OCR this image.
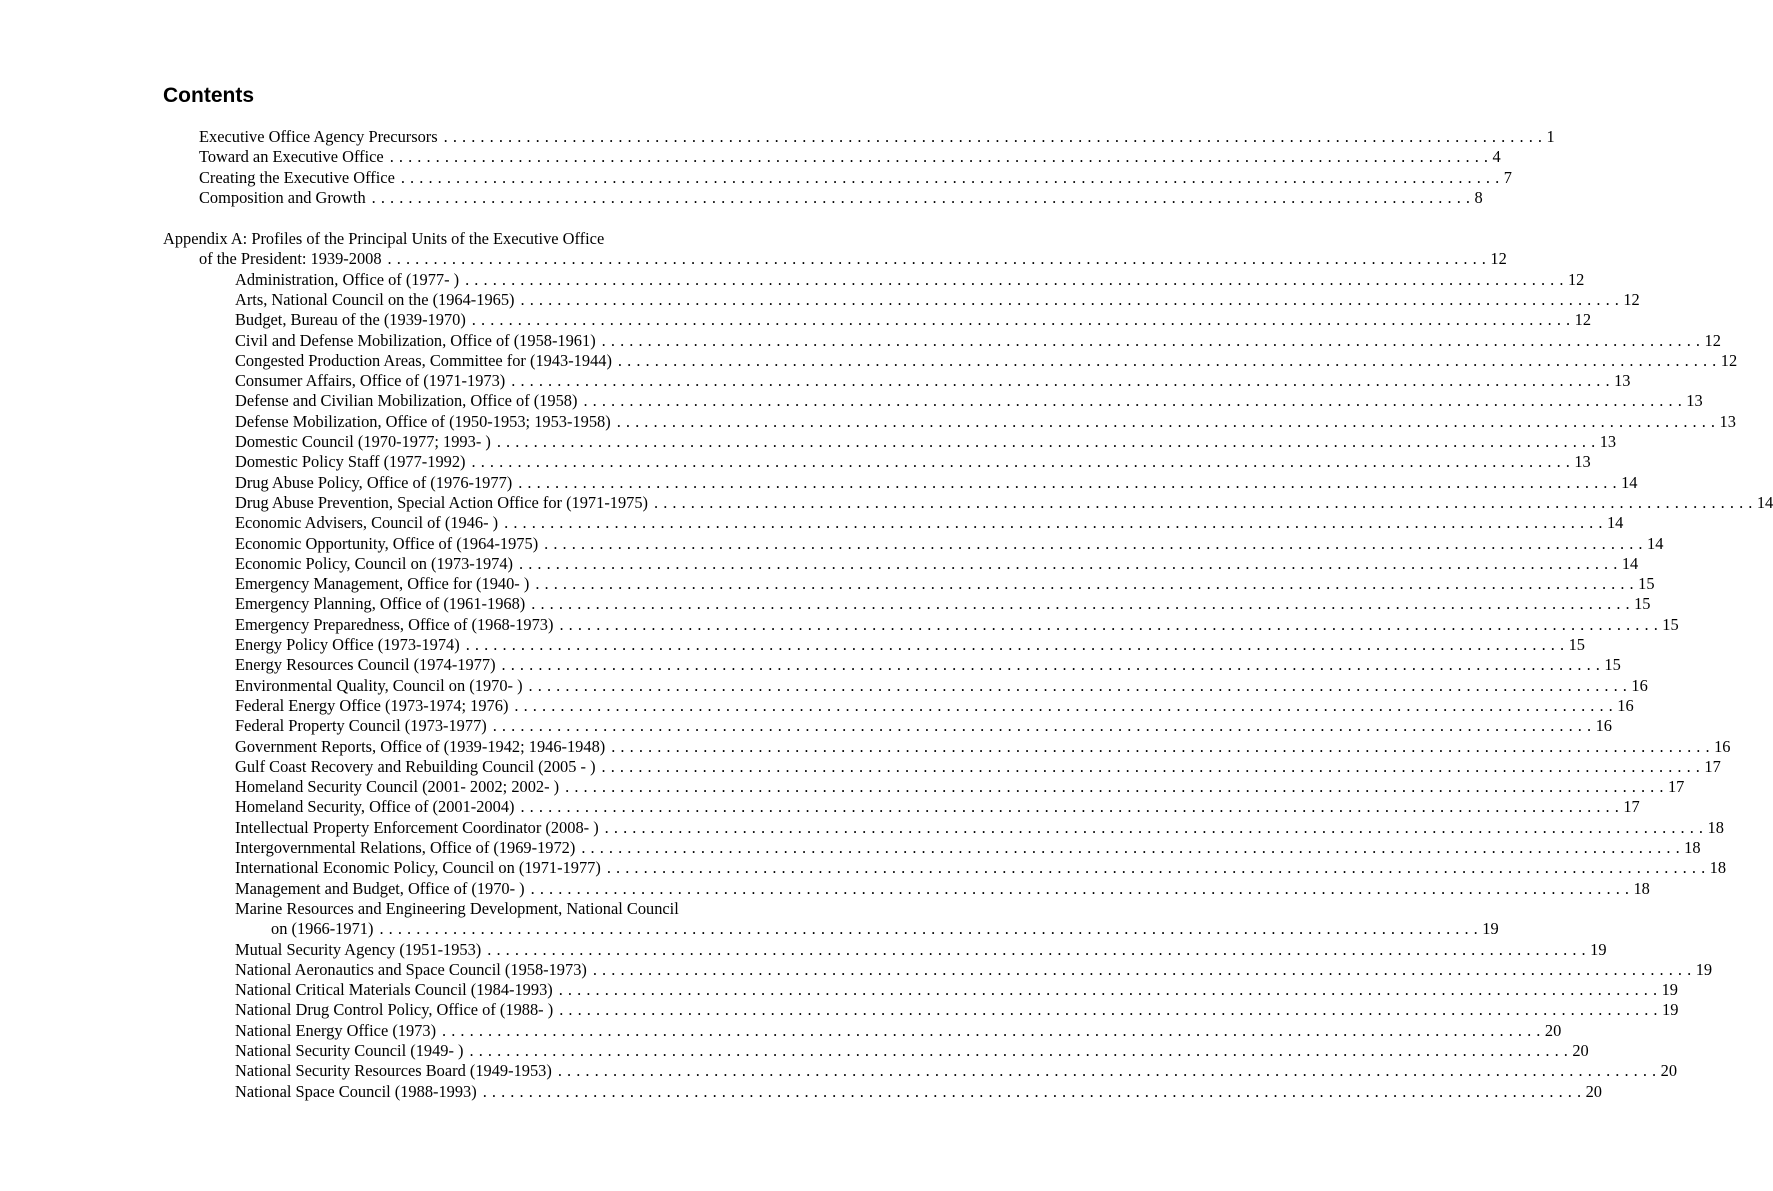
Contents
Executive Office Agency Precursors . . . . . . . . . . . . . . . . . . . . . . . . . . . . . . . . . . . . . . . . . . . . . . . . . . . . . . . . . . . . . . . . . . . . . . . . . . . . . . . . . . . . . . . . . . . . . . . . . . . . . . . . . . . . . . . . . . . . . . . . 1
Toward an Executive Office . . . . . . . . . . . . . . . . . . . . . . . . . . . . . . . . . . . . . . . . . . . . . . . . . . . . . . . . . . . . . . . . . . . . . . . . . . . . . . . . . . . . . . . . . . . . . . . . . . . . . . . . . . . . . . . . . . . . . . . . 4
Creating the Executive Office . . . . . . . . . . . . . . . . . . . . . . . . . . . . . . . . . . . . . . . . . . . . . . . . . . . . . . . . . . . . . . . . . . . . . . . . . . . . . . . . . . . . . . . . . . . . . . . . . . . . . . . . . . . . . . . . . . . . . . . . 7
Composition and Growth . . . . . . . . . . . . . . . . . . . . . . . . . . . . . . . . . . . . . . . . . . . . . . . . . . . . . . . . . . . . . . . . . . . . . . . . . . . . . . . . . . . . . . . . . . . . . . . . . . . . . . . . . . . . . . . . . . . . . . . . 8
Appendix A: Profiles of the Principal Units of the Executive Office
of the President: 1939-2008 . . . . . . . . . . . . . . . . . . . . . . . . . . . . . . . . . . . . . . . . . . . . . . . . . . . . . . . . . . . . . . . . . . . . . . . . . . . . . . . . . . . . . . . . . . . . . . . . . . . . . . . . . . . . . . . . . . . . . . . . 12
Administration, Office of (1977- ) . . . . . . . . . . . . . . . . . . . . . . . . . . . . . . . . . . . . . . . . . . . . . . . . . . . . . . . . . . . . . . . . . . . . . . . . . . . . . . . . . . . . . . . . . . . . . . . . . . . . . . . . . . . . . . . . . . . . . . . . 12
Arts, National Council on the (1964-1965) . . . . . . . . . . . . . . . . . . . . . . . . . . . . . . . . . . . . . . . . . . . . . . . . . . . . . . . . . . . . . . . . . . . . . . . . . . . . . . . . . . . . . . . . . . . . . . . . . . . . . . . . . . . . . . . . . . . . . . . . 12
Budget, Bureau of the (1939-1970) . . . . . . . . . . . . . . . . . . . . . . . . . . . . . . . . . . . . . . . . . . . . . . . . . . . . . . . . . . . . . . . . . . . . . . . . . . . . . . . . . . . . . . . . . . . . . . . . . . . . . . . . . . . . . . . . . . . . . . . . 12
Civil and Defense Mobilization, Office of (1958-1961) . . . . . . . . . . . . . . . . . . . . . . . . . . . . . . . . . . . . . . . . . . . . . . . . . . . . . . . . . . . . . . . . . . . . . . . . . . . . . . . . . . . . . . . . . . . . . . . . . . . . . . . . . . . . . . . . . . . . . . . . 12
Congested Production Areas, Committee for (1943-1944) . . . . . . . . . . . . . . . . . . . . . . . . . . . . . . . . . . . . . . . . . . . . . . . . . . . . . . . . . . . . . . . . . . . . . . . . . . . . . . . . . . . . . . . . . . . . . . . . . . . . . . . . . . . . . . . . . . . . . . . . 12
Consumer Affairs, Office of (1971-1973) . . . . . . . . . . . . . . . . . . . . . . . . . . . . . . . . . . . . . . . . . . . . . . . . . . . . . . . . . . . . . . . . . . . . . . . . . . . . . . . . . . . . . . . . . . . . . . . . . . . . . . . . . . . . . . . . . . . . . . . . 13
Defense and Civilian Mobilization, Office of (1958) . . . . . . . . . . . . . . . . . . . . . . . . . . . . . . . . . . . . . . . . . . . . . . . . . . . . . . . . . . . . . . . . . . . . . . . . . . . . . . . . . . . . . . . . . . . . . . . . . . . . . . . . . . . . . . . . . . . . . . . . 13
Defense Mobilization, Office of (1950-1953; 1953-1958) . . . . . . . . . . . . . . . . . . . . . . . . . . . . . . . . . . . . . . . . . . . . . . . . . . . . . . . . . . . . . . . . . . . . . . . . . . . . . . . . . . . . . . . . . . . . . . . . . . . . . . . . . . . . . . . . . . . . . . . . 13
Domestic Council (1970-1977; 1993- ) . . . . . . . . . . . . . . . . . . . . . . . . . . . . . . . . . . . . . . . . . . . . . . . . . . . . . . . . . . . . . . . . . . . . . . . . . . . . . . . . . . . . . . . . . . . . . . . . . . . . . . . . . . . . . . . . . . . . . . . . 13
Domestic Policy Staff (1977-1992) . . . . . . . . . . . . . . . . . . . . . . . . . . . . . . . . . . . . . . . . . . . . . . . . . . . . . . . . . . . . . . . . . . . . . . . . . . . . . . . . . . . . . . . . . . . . . . . . . . . . . . . . . . . . . . . . . . . . . . . . 13
Drug Abuse Policy, Office of (1976-1977) . . . . . . . . . . . . . . . . . . . . . . . . . . . . . . . . . . . . . . . . . . . . . . . . . . . . . . . . . . . . . . . . . . . . . . . . . . . . . . . . . . . . . . . . . . . . . . . . . . . . . . . . . . . . . . . . . . . . . . . . 14
Drug Abuse Prevention, Special Action Office for (1971-1975) . . . . . . . . . . . . . . . . . . . . . . . . . . . . . . . . . . . . . . . . . . . . . . . . . . . . . . . . . . . . . . . . . . . . . . . . . . . . . . . . . . . . . . . . . . . . . . . . . . . . . . . . . . . . . . . . . . . . . . . . 14
Economic Advisers, Council of (1946- ) . . . . . . . . . . . . . . . . . . . . . . . . . . . . . . . . . . . . . . . . . . . . . . . . . . . . . . . . . . . . . . . . . . . . . . . . . . . . . . . . . . . . . . . . . . . . . . . . . . . . . . . . . . . . . . . . . . . . . . . . 14
Economic Opportunity, Office of (1964-1975) . . . . . . . . . . . . . . . . . . . . . . . . . . . . . . . . . . . . . . . . . . . . . . . . . . . . . . . . . . . . . . . . . . . . . . . . . . . . . . . . . . . . . . . . . . . . . . . . . . . . . . . . . . . . . . . . . . . . . . . . 14
Economic Policy, Council on (1973-1974) . . . . . . . . . . . . . . . . . . . . . . . . . . . . . . . . . . . . . . . . . . . . . . . . . . . . . . . . . . . . . . . . . . . . . . . . . . . . . . . . . . . . . . . . . . . . . . . . . . . . . . . . . . . . . . . . . . . . . . . . 14
Emergency Management, Office for (1940- ) . . . . . . . . . . . . . . . . . . . . . . . . . . . . . . . . . . . . . . . . . . . . . . . . . . . . . . . . . . . . . . . . . . . . . . . . . . . . . . . . . . . . . . . . . . . . . . . . . . . . . . . . . . . . . . . . . . . . . . . . 15
Emergency Planning, Office of (1961-1968) . . . . . . . . . . . . . . . . . . . . . . . . . . . . . . . . . . . . . . . . . . . . . . . . . . . . . . . . . . . . . . . . . . . . . . . . . . . . . . . . . . . . . . . . . . . . . . . . . . . . . . . . . . . . . . . . . . . . . . . . 15
Emergency Preparedness, Office of (1968-1973) . . . . . . . . . . . . . . . . . . . . . . . . . . . . . . . . . . . . . . . . . . . . . . . . . . . . . . . . . . . . . . . . . . . . . . . . . . . . . . . . . . . . . . . . . . . . . . . . . . . . . . . . . . . . . . . . . . . . . . . . 15
Energy Policy Office (1973-1974) . . . . . . . . . . . . . . . . . . . . . . . . . . . . . . . . . . . . . . . . . . . . . . . . . . . . . . . . . . . . . . . . . . . . . . . . . . . . . . . . . . . . . . . . . . . . . . . . . . . . . . . . . . . . . . . . . . . . . . . . 15
Energy Resources Council (1974-1977) . . . . . . . . . . . . . . . . . . . . . . . . . . . . . . . . . . . . . . . . . . . . . . . . . . . . . . . . . . . . . . . . . . . . . . . . . . . . . . . . . . . . . . . . . . . . . . . . . . . . . . . . . . . . . . . . . . . . . . . . 15
Environmental Quality, Council on (1970- ) . . . . . . . . . . . . . . . . . . . . . . . . . . . . . . . . . . . . . . . . . . . . . . . . . . . . . . . . . . . . . . . . . . . . . . . . . . . . . . . . . . . . . . . . . . . . . . . . . . . . . . . . . . . . . . . . . . . . . . . . 16
Federal Energy Office (1973-1974; 1976) . . . . . . . . . . . . . . . . . . . . . . . . . . . . . . . . . . . . . . . . . . . . . . . . . . . . . . . . . . . . . . . . . . . . . . . . . . . . . . . . . . . . . . . . . . . . . . . . . . . . . . . . . . . . . . . . . . . . . . . . 16
Federal Property Council (1973-1977) . . . . . . . . . . . . . . . . . . . . . . . . . . . . . . . . . . . . . . . . . . . . . . . . . . . . . . . . . . . . . . . . . . . . . . . . . . . . . . . . . . . . . . . . . . . . . . . . . . . . . . . . . . . . . . . . . . . . . . . . 16
Government Reports, Office of (1939-1942; 1946-1948) . . . . . . . . . . . . . . . . . . . . . . . . . . . . . . . . . . . . . . . . . . . . . . . . . . . . . . . . . . . . . . . . . . . . . . . . . . . . . . . . . . . . . . . . . . . . . . . . . . . . . . . . . . . . . . . . . . . . . . . . 16
Gulf Coast Recovery and Rebuilding Council (2005 - ) . . . . . . . . . . . . . . . . . . . . . . . . . . . . . . . . . . . . . . . . . . . . . . . . . . . . . . . . . . . . . . . . . . . . . . . . . . . . . . . . . . . . . . . . . . . . . . . . . . . . . . . . . . . . . . . . . . . . . . . . 17
Homeland Security Council (2001- 2002; 2002- ) . . . . . . . . . . . . . . . . . . . . . . . . . . . . . . . . . . . . . . . . . . . . . . . . . . . . . . . . . . . . . . . . . . . . . . . . . . . . . . . . . . . . . . . . . . . . . . . . . . . . . . . . . . . . . . . . . . . . . . . . 17
Homeland Security, Office of (2001-2004) . . . . . . . . . . . . . . . . . . . . . . . . . . . . . . . . . . . . . . . . . . . . . . . . . . . . . . . . . . . . . . . . . . . . . . . . . . . . . . . . . . . . . . . . . . . . . . . . . . . . . . . . . . . . . . . . . . . . . . . . 17
Intellectual Property Enforcement Coordinator (2008- ) . . . . . . . . . . . . . . . . . . . . . . . . . . . . . . . . . . . . . . . . . . . . . . . . . . . . . . . . . . . . . . . . . . . . . . . . . . . . . . . . . . . . . . . . . . . . . . . . . . . . . . . . . . . . . . . . . . . . . . . . 18
Intergovernmental Relations, Office of (1969-1972) . . . . . . . . . . . . . . . . . . . . . . . . . . . . . . . . . . . . . . . . . . . . . . . . . . . . . . . . . . . . . . . . . . . . . . . . . . . . . . . . . . . . . . . . . . . . . . . . . . . . . . . . . . . . . . . . . . . . . . . . 18
International Economic Policy, Council on (1971-1977) . . . . . . . . . . . . . . . . . . . . . . . . . . . . . . . . . . . . . . . . . . . . . . . . . . . . . . . . . . . . . . . . . . . . . . . . . . . . . . . . . . . . . . . . . . . . . . . . . . . . . . . . . . . . . . . . . . . . . . . . 18
Management and Budget, Office of (1970- ) . . . . . . . . . . . . . . . . . . . . . . . . . . . . . . . . . . . . . . . . . . . . . . . . . . . . . . . . . . . . . . . . . . . . . . . . . . . . . . . . . . . . . . . . . . . . . . . . . . . . . . . . . . . . . . . . . . . . . . . . 18
Marine Resources and Engineering Development, National Council
on (1966-1971) . . . . . . . . . . . . . . . . . . . . . . . . . . . . . . . . . . . . . . . . . . . . . . . . . . . . . . . . . . . . . . . . . . . . . . . . . . . . . . . . . . . . . . . . . . . . . . . . . . . . . . . . . . . . . . . . . . . . . . . . 19
Mutual Security Agency (1951-1953) . . . . . . . . . . . . . . . . . . . . . . . . . . . . . . . . . . . . . . . . . . . . . . . . . . . . . . . . . . . . . . . . . . . . . . . . . . . . . . . . . . . . . . . . . . . . . . . . . . . . . . . . . . . . . . . . . . . . . . . . 19
National Aeronautics and Space Council (1958-1973) . . . . . . . . . . . . . . . . . . . . . . . . . . . . . . . . . . . . . . . . . . . . . . . . . . . . . . . . . . . . . . . . . . . . . . . . . . . . . . . . . . . . . . . . . . . . . . . . . . . . . . . . . . . . . . . . . . . . . . . . 19
National Critical Materials Council (1984-1993) . . . . . . . . . . . . . . . . . . . . . . . . . . . . . . . . . . . . . . . . . . . . . . . . . . . . . . . . . . . . . . . . . . . . . . . . . . . . . . . . . . . . . . . . . . . . . . . . . . . . . . . . . . . . . . . . . . . . . . . . 19
National Drug Control Policy, Office of (1988- ) . . . . . . . . . . . . . . . . . . . . . . . . . . . . . . . . . . . . . . . . . . . . . . . . . . . . . . . . . . . . . . . . . . . . . . . . . . . . . . . . . . . . . . . . . . . . . . . . . . . . . . . . . . . . . . . . . . . . . . . . 19
National Energy Office (1973) . . . . . . . . . . . . . . . . . . . . . . . . . . . . . . . . . . . . . . . . . . . . . . . . . . . . . . . . . . . . . . . . . . . . . . . . . . . . . . . . . . . . . . . . . . . . . . . . . . . . . . . . . . . . . . . . . . . . . . . . 20
National Security Council (1949- ) . . . . . . . . . . . . . . . . . . . . . . . . . . . . . . . . . . . . . . . . . . . . . . . . . . . . . . . . . . . . . . . . . . . . . . . . . . . . . . . . . . . . . . . . . . . . . . . . . . . . . . . . . . . . . . . . . . . . . . . . 20
National Security Resources Board (1949-1953) . . . . . . . . . . . . . . . . . . . . . . . . . . . . . . . . . . . . . . . . . . . . . . . . . . . . . . . . . . . . . . . . . . . . . . . . . . . . . . . . . . . . . . . . . . . . . . . . . . . . . . . . . . . . . . . . . . . . . . . . 20
National Space Council (1988-1993) . . . . . . . . . . . . . . . . . . . . . . . . . . . . . . . . . . . . . . . . . . . . . . . . . . . . . . . . . . . . . . . . . . . . . . . . . . . . . . . . . . . . . . . . . . . . . . . . . . . . . . . . . . . . . . . . . . . . . . . . 20
